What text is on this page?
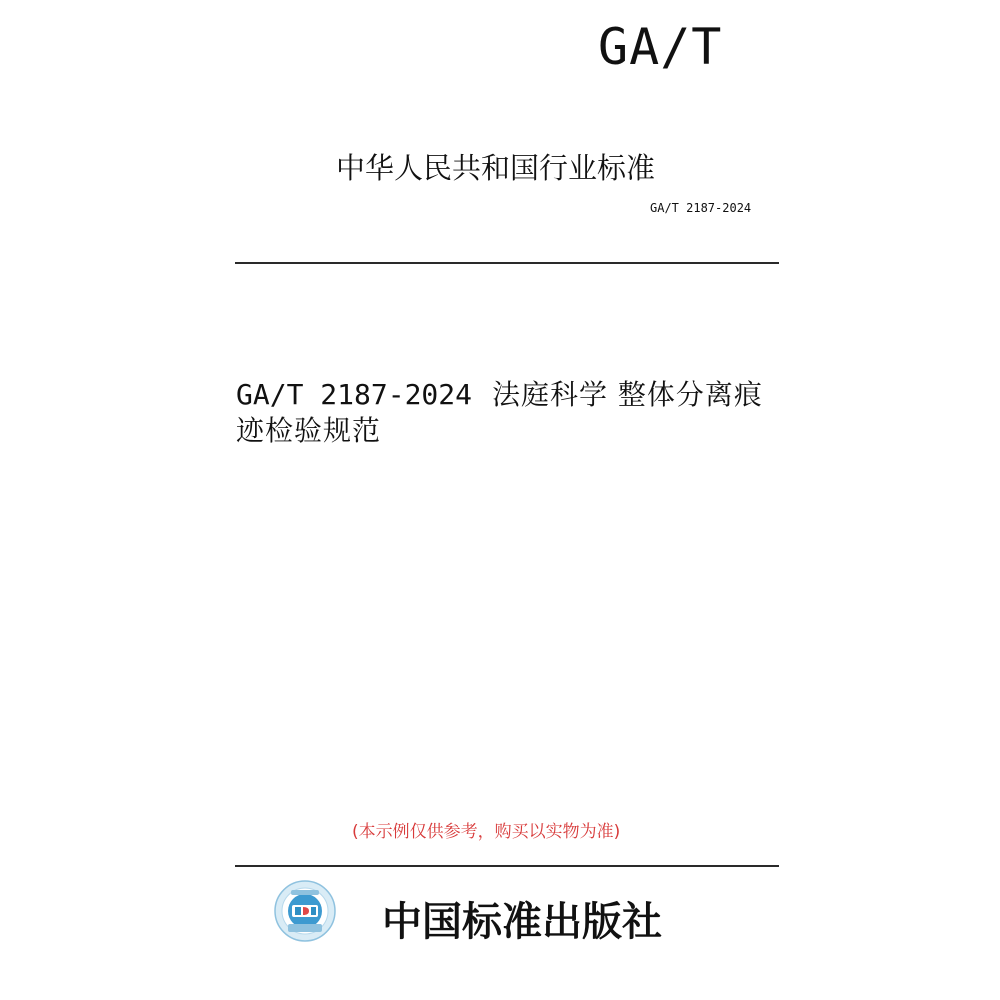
GA/T
中华人民共和国行业标准
GA/T 2187-2024
GA/T 2187-2024 法庭科学 整体分离痕迹检验规范
(本示例仅供参考，购买以实物为准)
中国标准出版社
